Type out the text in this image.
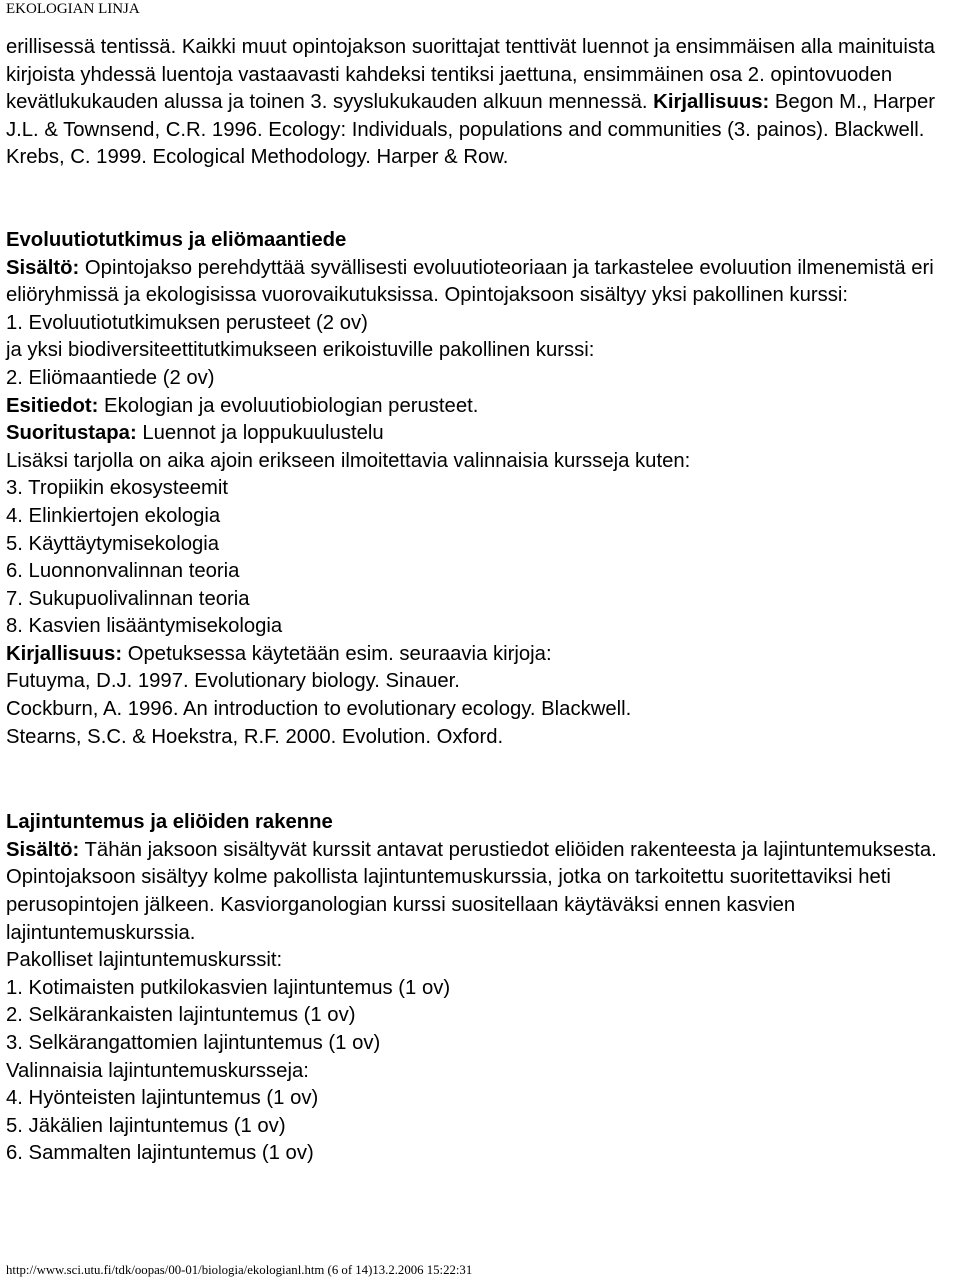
EKOLOGIAN LINJA

erillisessä tentissä. Kaikki muut opintojakson suorittajat tenttivät luennot ja ensimmäisen alla mainituista kirjoista yhdessä luentoja vastaavasti kahdeksi tentiksi jaettuna, ensimmäinen osa 2. opintovuoden kevätlukukauden alussa ja toinen 3. syyslukukauden alkuun mennessä. Kirjallisuus: Begon M., Harper J.L. & Townsend, C.R. 1996. Ecology: Individuals, populations and communities (3. painos). Blackwell. Krebs, C. 1999. Ecological Methodology. Harper & Row.

Evoluutiotutkimus ja eliömaantiede

Sisältö: Opintojakso perehdyttää syvällisesti evoluutioteoriaan ja tarkastelee evoluution ilmenemistä eri eliöryhmissä ja ekologisissa vuorovaikutuksissa. Opintojaksoon sisältyy yksi pakollinen kurssi:

1. Evoluutiotutkimuksen perusteet (2 ov)
ja yksi biodiversiteettitutkimukseen erikoistuville pakollinen kurssi:
2. Eliömaantiede (2 ov)
Esitiedot: Ekologian ja evoluutiobiologian perusteet.
Suoritustapa: Luennot ja loppukuulustelu
Lisäksi tarjolla on aika ajoin erikseen ilmoitettavia valinnaisia kursseja kuten:
3. Tropiikin ekosysteemit
4. Elinkiertojen ekologia
5. Käyttäytymisekologia
6. Luonnonvalinnan teoria
7. Sukupuolivalinnan teoria
8. Kasvien lisääntymisekologia
Kirjallisuus: Opetuksessa käytetään esim. seuraavia kirjoja:
Futuyma, D.J. 1997. Evolutionary biology. Sinauer.
Cockburn, A. 1996. An introduction to evolutionary ecology. Blackwell.
Stearns, S.C. & Hoekstra, R.F. 2000. Evolution. Oxford.
Lajintuntemus ja eliöiden rakenne

Sisältö: Tähän jaksoon sisältyvät kurssit antavat perustiedot eliöiden rakenteesta ja lajintuntemuksesta. Opintojaksoon sisältyy kolme pakollista lajintuntemuskurssia, jotka on tarkoitettu suoritettaviksi heti perusopintojen jälkeen. Kasviorganologian kurssi suositellaan käytäväksi ennen kasvien lajintuntemuskurssia.

Pakolliset lajintuntemuskurssit:
1. Kotimaisten putkilokasvien lajintuntemus (1 ov)
2. Selkärankaisten lajintuntemus (1 ov)
3. Selkärangattomien lajintuntemus (1 ov)
Valinnaisia lajintuntemuskursseja:
4. Hyönteisten lajintuntemus (1 ov)
5. Jäkälien lajintuntemus (1 ov)
6. Sammalten lajintuntemus (1 ov)
http://www.sci.utu.fi/tdk/oopas/00-01/biologia/ekologianl.htm (6 of 14)13.2.2006 15:22:31
